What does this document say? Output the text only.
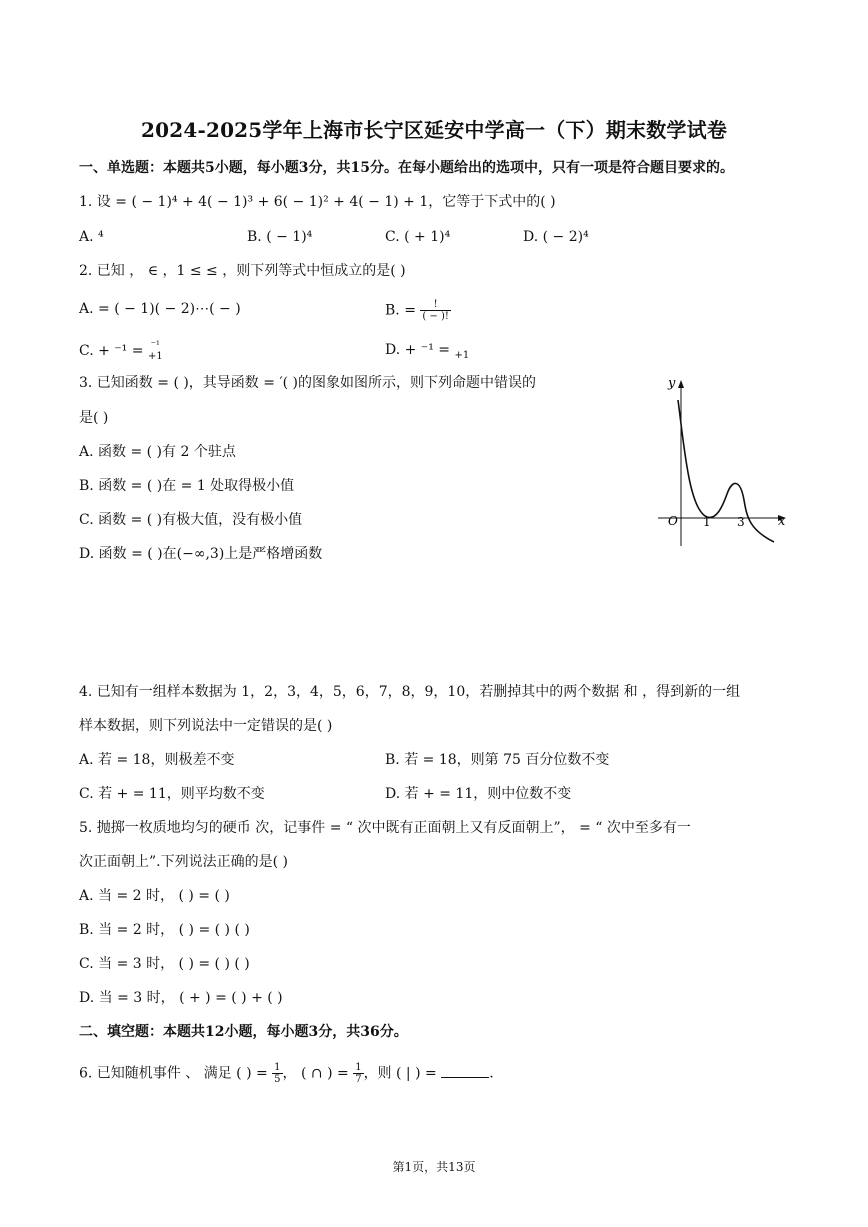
2024-2025学年上海市长宁区延安中学高一（下）期末数学试卷
一、单选题：本题共5小题，每小题3分，共15分。在每小题给出的选项中，只有一项是符合题目要求的。
1. 设 = ( − 1)⁴ + 4( − 1)³ + 6( − 1)² + 4( − 1) + 1，它等于下式中的( )
A. ⁴	B. ( − 1)⁴	C. ( + 1)⁴	D. ( − 2)⁴
2. 已知 ， ∈ ，1 ≤ ≤ ，则下列等式中恒成立的是( )
A. = ( − 1)( − 2)⋯( − )	B. = $\frac{!}{( - )!}$
C. + ⁻¹ = ⁻¹
+1	D. + ⁻¹ = $_{+1}$
3. 已知函数 = ( )，其导函数 = ′( )的图象如图所示，则下列命题中错误的
是( )
A. 函数 = ( )有 2 个驻点
B. 函数 = ( )在 = 1 处取得极小值
C. 函数 = ( )有极大值，没有极小值
D. 函数 = ( )在(−∞,3)上是严格增函数
y
x
O 1 3
4. 已知有一组样本数据为 1，2，3，4，5，6，7，8，9，10，若删掉其中的两个数据 和 ，得到新的一组
样本数据，则下列说法中一定错误的是( )
A. 若 = 18，则极差不变	B. 若 = 18，则第 75 百分位数不变
C. 若 + = 11，则平均数不变	D. 若 + = 11，则中位数不变
5. 抛掷一枚质地均匀的硬币 次，记事件 = “ 次中既有正面朝上又有反面朝上”， = “ 次中至多有一
次正面朝上”.下列说法正确的是( )
A. 当 = 2 时， ( ) = ( )
B. 当 = 2 时， ( ) = ( ) ( )
C. 当 = 3 时， ( ) = ( ) ( )
D. 当 = 3 时， ( + ) = ( ) + ( )
二、填空题：本题共12小题，每小题3分，共36分。
6. 已知随机事件 、 满足 ( ) = $\frac{1}{5}$ ， ( ∩ ) = $\frac{1}{7}$ ，则 ( | ) =	.
第1页，共13页
